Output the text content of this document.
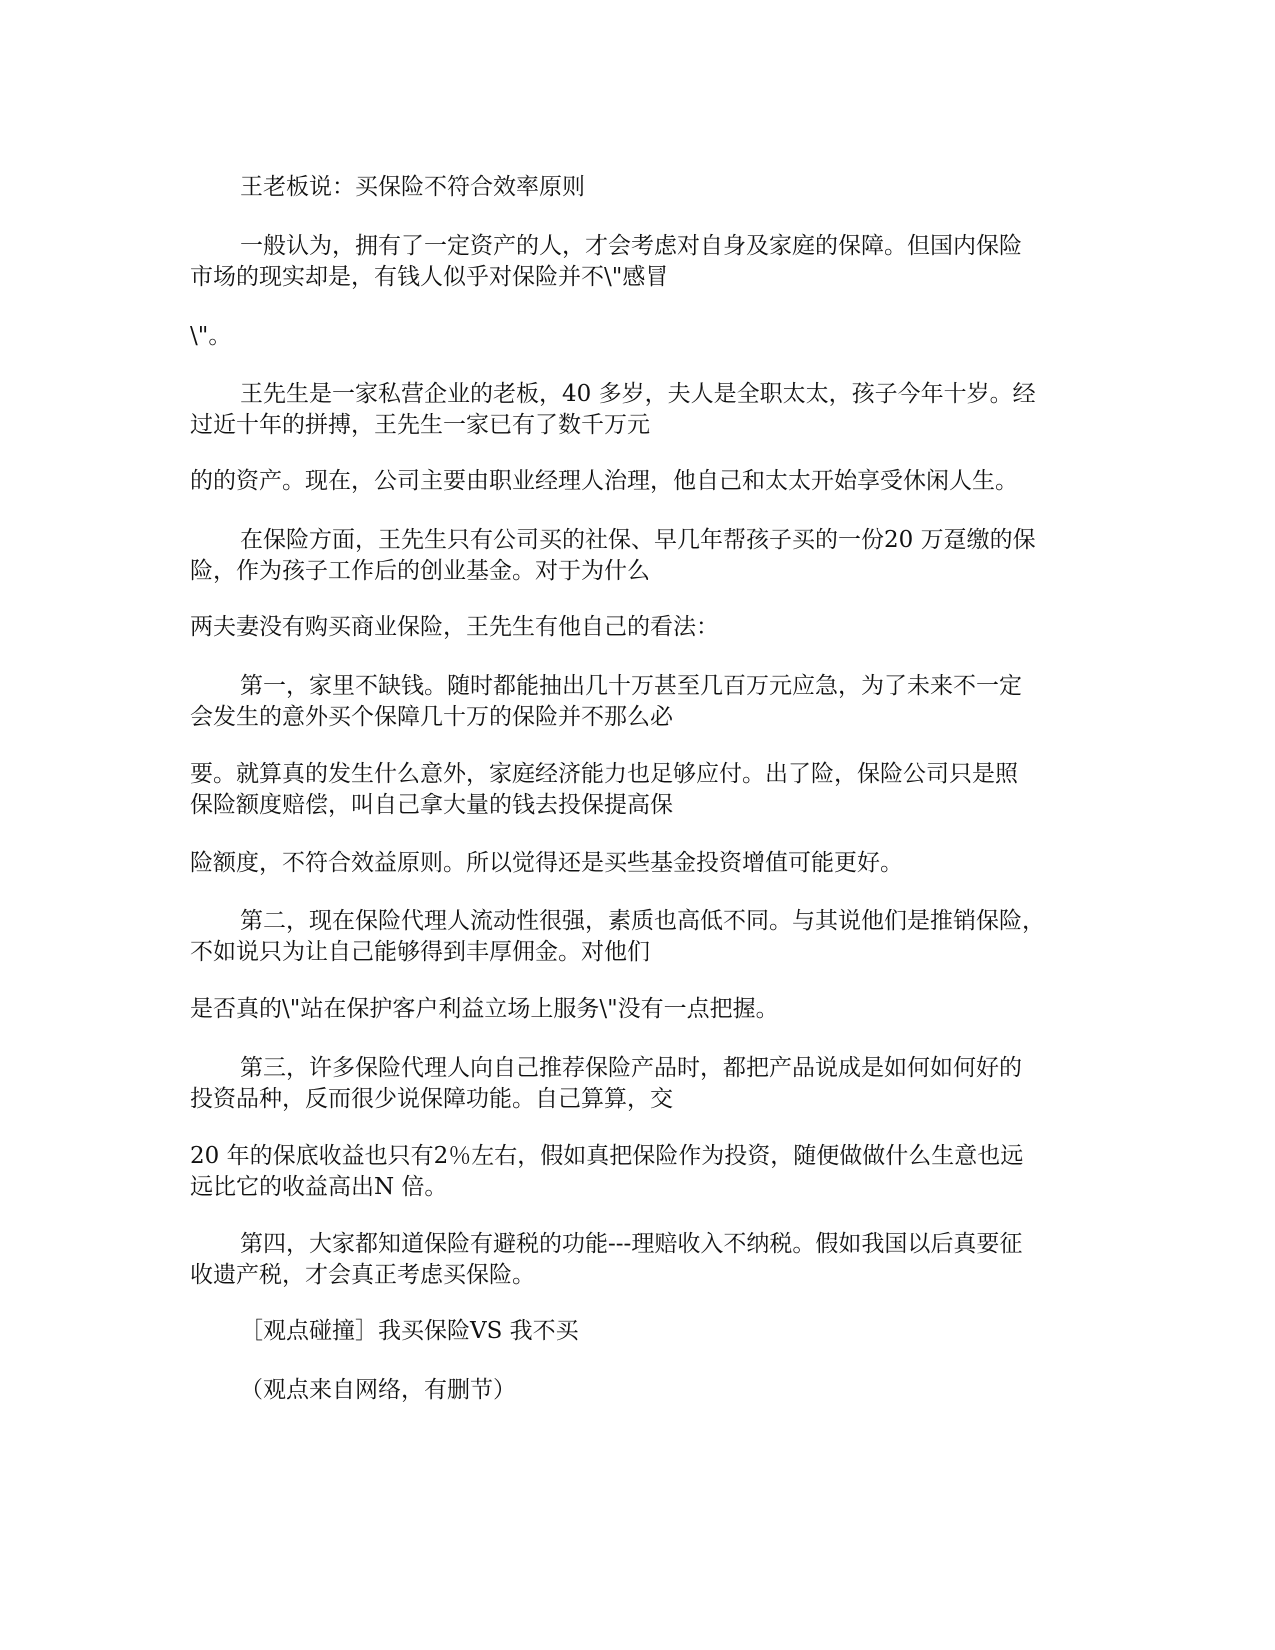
王老板说：买保险不符合效率原则

一般认为，拥有了一定资产的人，才会考虑对自身及家庭的保障。但国内保险
市场的现实却是，有钱人似乎对保险并不\"感冒

\"。

王先生是一家私营企业的老板，40 多岁，夫人是全职太太，孩子今年十岁。经
过近十年的拼搏，王先生一家已有了数千万元

的的资产。现在，公司主要由职业经理人治理，他自己和太太开始享受休闲人生。

在保险方面，王先生只有公司买的社保、早几年帮孩子买的一份20 万趸缴的保
险，作为孩子工作后的创业基金。对于为什么

两夫妻没有购买商业保险，王先生有他自己的看法：

第一，家里不缺钱。随时都能抽出几十万甚至几百万元应急，为了未来不一定
会发生的意外买个保障几十万的保险并不那么必

要。就算真的发生什么意外，家庭经济能力也足够应付。出了险，保险公司只是照
保险额度赔偿，叫自己拿大量的钱去投保提高保

险额度，不符合效益原则。所以觉得还是买些基金投资增值可能更好。

第二，现在保险代理人流动性很强，素质也高低不同。与其说他们是推销保险，
不如说只为让自己能够得到丰厚佣金。对他们

是否真的\"站在保护客户利益立场上服务\"没有一点把握。

第三，许多保险代理人向自己推荐保险产品时，都把产品说成是如何如何好的
投资品种，反而很少说保障功能。自己算算，交

20 年的保底收益也只有2％左右，假如真把保险作为投资，随便做做什么生意也远
远比它的收益高出N 倍。

第四，大家都知道保险有避税的功能---理赔收入不纳税。假如我国以后真要征
收遗产税，才会真正考虑买保险。

［观点碰撞］我买保险VS 我不买

（观点来自网络，有删节）
